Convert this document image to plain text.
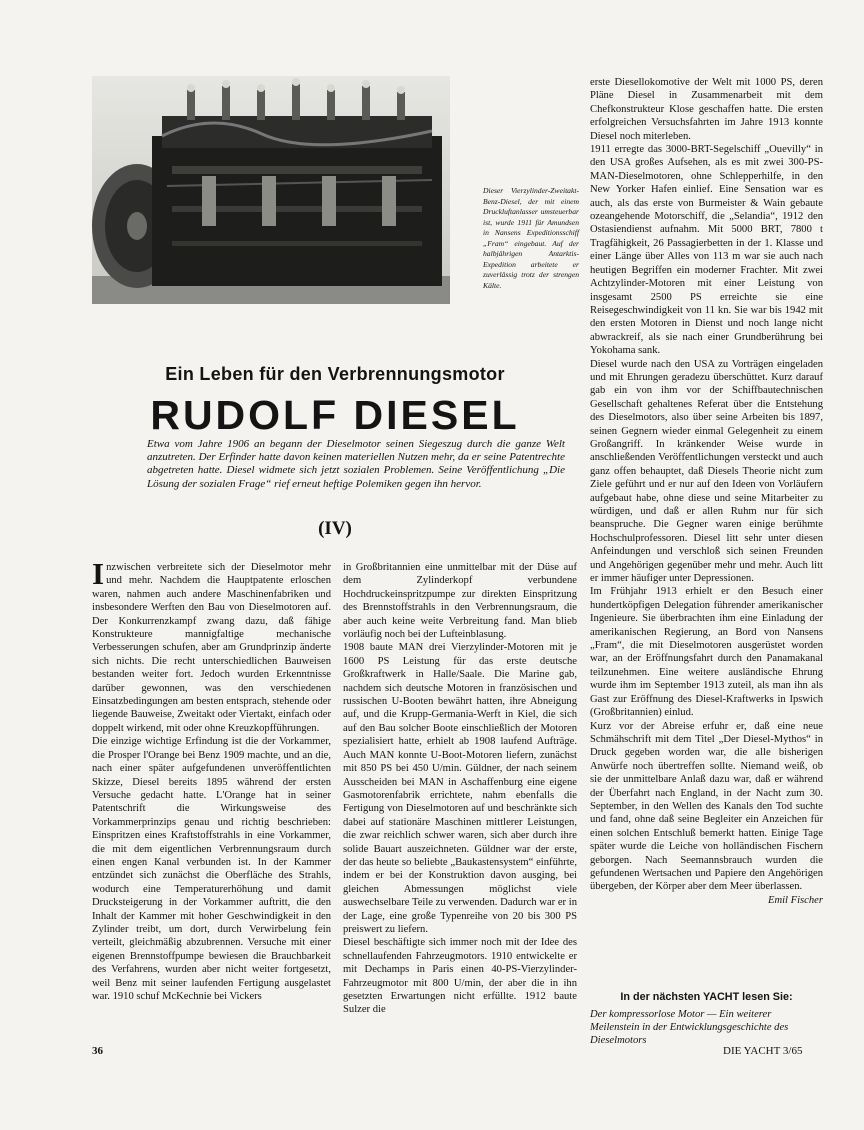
Dieser Vierzylinder-Zweitakt-Benz-Diesel, der mit einem Druckluftanlasser umsteuerbar ist, wurde 1911 für Amundsen in Nansens Expeditionsschiff „Fram“ eingebaut. Auf der halbjährigen Antarktis-Expedition arbeitete er zuverlässig trotz der strengen Kälte.
Ein Leben für den Verbrennungsmotor
RUDOLF DIESEL
Etwa vom Jahre 1906 an begann der Dieselmotor seinen Siegeszug durch die ganze Welt anzutreten. Der Erfinder hatte davon keinen materiellen Nutzen mehr, da er seine Patentrechte abgetreten hatte. Diesel widmete sich jetzt sozialen Problemen. Seine Veröffentlichung „Die Lösung der sozialen Frage“ rief erneut heftige Polemiken gegen ihn hervor.
(IV)

Inzwischen verbreitete sich der Dieselmotor mehr und mehr. Nachdem die Hauptpatente erloschen waren, nahmen auch andere Maschinenfabriken und insbesondere Werften den Bau von Dieselmotoren auf. Der Konkurrenzkampf zwang dazu, daß fähige Konstrukteure mannigfaltige mechanische Verbesserungen schufen, aber am Grundprinzip änderte sich nichts. Die recht unterschiedlichen Bauweisen bestanden weiter fort. Jedoch wurden Erkenntnisse darüber gewonnen, was den verschiedenen Einsatzbedingungen am besten entsprach, stehende oder liegende Bauweise, Zweitakt oder Viertakt, einfach oder doppelt wirkend, mit oder ohne Kreuzkopfführungen.

Die einzige wichtige Erfindung ist die der Vorkammer, die Prosper l'Orange bei Benz 1909 machte, und an die, nach einer später aufgefundenen unveröffentlichten Skizze, Diesel bereits 1895 während der ersten Versuche gedacht hatte. L'Orange hat in seiner Patentschrift die Wirkungsweise des Vorkammerprinzips genau und richtig beschrieben: Einspritzen eines Kraftstoffstrahls in eine Vorkammer, die mit dem eigentlichen Verbrennungsraum durch einen engen Kanal verbunden ist. In der Kammer entzündet sich zunächst die Oberfläche des Strahls, wodurch eine Temperaturerhöhung und damit Drucksteigerung in der Vorkammer auftritt, die den Inhalt der Kammer mit hoher Geschwindigkeit in den Zylinder treibt, um dort, durch Verwirbelung fein verteilt, gleichmäßig abzubrennen. Versuche mit einer eigenen Brennstoffpumpe bewiesen die Brauchbarkeit des Verfahrens, wurden aber nicht weiter fortgesetzt, weil Benz mit seiner laufenden Fertigung ausgelastet war. 1910 schuf McKechnie bei Vickers

in Großbritannien eine unmittelbar mit der Düse auf dem Zylinderkopf verbundene Hochdruckeinspritzpumpe zur direkten Einspritzung des Brennstoffstrahls in den Verbrennungsraum, die aber auch keine weite Verbreitung fand. Man blieb vorläufig noch bei der Lufteinblasung.

1908 baute MAN drei Vierzylinder-Motoren mit je 1600 PS Leistung für das erste deutsche Großkraftwerk in Halle/Saale. Die Marine gab, nachdem sich deutsche Motoren in französischen und russischen U-Booten bewährt hatten, ihre Abneigung auf, und die Krupp-Germania-Werft in Kiel, die sich auf den Bau solcher Boote einschließlich der Motoren spezialisiert hatte, erhielt ab 1908 laufend Aufträge. Auch MAN konnte U-Boot-Motoren liefern, zunächst mit 850 PS bei 450 U/min. Güldner, der nach seinem Ausscheiden bei MAN in Aschaffenburg eine eigene Gasmotorenfabrik errichtete, nahm ebenfalls die Fertigung von Dieselmotoren auf und beschränkte sich dabei auf stationäre Maschinen mittlerer Leistungen, die zwar reichlich schwer waren, sich aber durch ihre solide Bauart auszeichneten. Güldner war der erste, der das heute so beliebte „Baukastensystem“ einführte, indem er bei der Konstruktion davon ausging, bei gleichen Abmessungen möglichst viele auswechselbare Teile zu verwenden. Dadurch war er in der Lage, eine große Typenreihe von 20 bis 300 PS preiswert zu liefern.

Diesel beschäftigte sich immer noch mit der Idee des schnellaufenden Fahrzeugmotors. 1910 entwickelte er mit Dechamps in Paris einen 40-PS-Vierzylinder-Fahrzeugmotor mit 800 U/min, der aber die in ihn gesetzten Erwartungen nicht erfüllte. 1912 baute Sulzer die

erste Diesellokomotive der Welt mit 1000 PS, deren Pläne Diesel in Zusammenarbeit mit dem Chefkonstrukteur Klose geschaffen hatte. Die ersten erfolgreichen Versuchsfahrten im Jahre 1913 konnte Diesel noch miterleben.

1911 erregte das 3000-BRT-Segelschiff „Ouevilly“ in den USA großes Aufsehen, als es mit zwei 300-PS-MAN-Dieselmotoren, ohne Schlepperhilfe, in den New Yorker Hafen einlief. Eine Sensation war es auch, als das erste von Burmeister & Wain gebaute ozeangehende Motorschiff, die „Selandia“, 1912 den Ostasiendienst aufnahm. Mit 5000 BRT, 7800 t Tragfähigkeit, 26 Passagierbetten in der 1. Klasse und einer Länge über Alles von 113 m war sie auch nach heutigen Begriffen ein moderner Frachter. Mit zwei Achtzylinder-Motoren mit einer Leistung von insgesamt 2500 PS erreichte sie eine Reisegeschwindigkeit von 11 kn. Sie war bis 1942 mit den ersten Motoren in Dienst und noch lange nicht abwrackreif, als sie nach einer Grundberührung bei Yokohama sank.

Diesel wurde nach den USA zu Vorträgen eingeladen und mit Ehrungen geradezu überschüttet. Kurz darauf gab ein von ihm vor der Schiffbautechnischen Gesellschaft gehaltenes Referat über die Entstehung des Dieselmotors, also über seine Arbeiten bis 1897, seinen Gegnern wieder einmal Gelegenheit zu einem Großangriff. In kränkender Weise wurde in anschließenden Veröffentlichungen versteckt und auch ganz offen behauptet, daß Diesels Theorie nicht zum Ziele geführt und er nur auf den Ideen von Vorläufern aufgebaut habe, ohne diese und seine Mitarbeiter zu würdigen, und daß er allen Ruhm nur für sich beanspruche. Die Gegner waren einige berühmte Hochschulprofessoren. Diesel litt sehr unter diesen Anfeindungen und verschloß sich seinen Freunden und Angehörigen gegenüber mehr und mehr. Auch litt er immer häufiger unter Depressionen.

Im Frühjahr 1913 erhielt er den Besuch einer hundertköpfigen Delegation führender amerikanischer Ingenieure. Sie überbrachten ihm eine Einladung der amerikanischen Regierung, an Bord von Nansens „Fram“, die mit Dieselmotoren ausgerüstet worden war, an der Eröffnungsfahrt durch den Panamakanal teilzunehmen. Eine weitere ausländische Ehrung wurde ihm im September 1913 zuteil, als man ihn als Gast zur Eröffnung des Diesel-Kraftwerks in Ipswich (Großbritannien) einlud.

Kurz vor der Abreise erfuhr er, daß eine neue Schmähschrift mit dem Titel „Der Diesel-Mythos“ in Druck gegeben worden war, die alle bisherigen Anwürfe noch übertreffen sollte. Niemand weiß, ob sie der unmittelbare Anlaß dazu war, daß er während der Überfahrt nach England, in der Nacht zum 30. September, in den Wellen des Kanals den Tod suchte und fand, ohne daß seine Begleiter ein Anzeichen für einen solchen Entschluß bemerkt hatten. Einige Tage später wurde die Leiche von holländischen Fischern geborgen. Nach Seemannsbrauch wurden die gefundenen Wertsachen und Papiere den Angehörigen übergeben, der Körper aber dem Meer überlassen.

Emil Fischer

In der nächsten YACHT lesen Sie:
Der kompressorlose Motor — Ein weiterer Meilenstein in der Entwicklungsgeschichte des Dieselmotors
36	DIE YACHT 3/65
